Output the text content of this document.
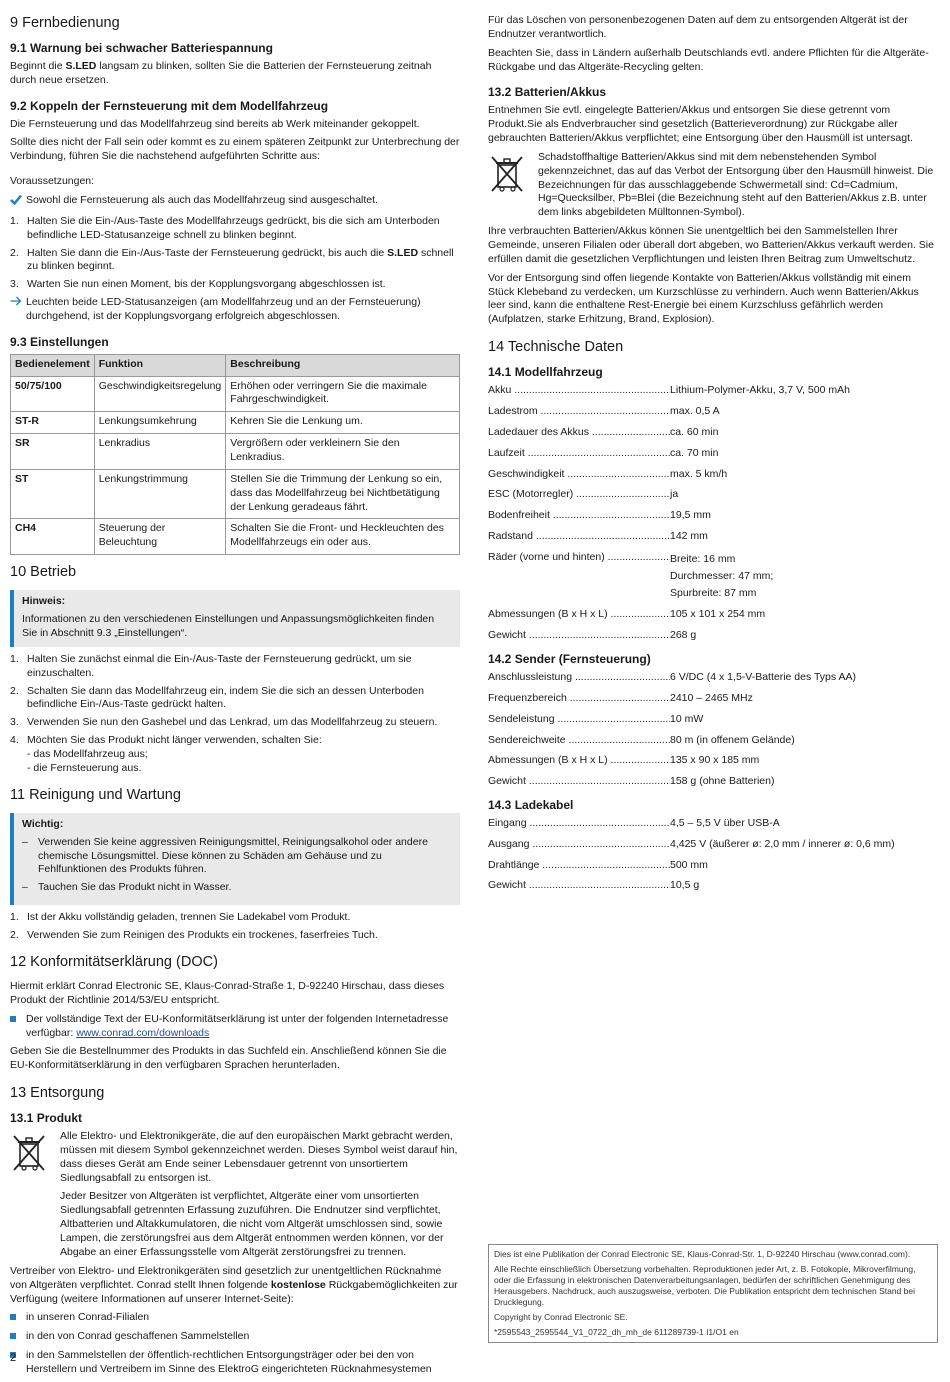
9 Fernbedienung
9.1 Warnung bei schwacher Batteriespannung

Beginnt die S.LED langsam zu blinken, sollten Sie die Batterien der Fernsteuerung zeitnah durch neue ersetzen.

9.2 Koppeln der Fernsteuerung mit dem Modellfahrzeug

Die Fernsteuerung und das Modellfahrzeug sind bereits ab Werk miteinander gekoppelt.

Sollte dies nicht der Fall sein oder kommt es zu einem späteren Zeitpunkt zur Unterbrechung der Verbindung, führen Sie die nachstehend aufgeführten Schritte aus:

Voraussetzungen:

Sowohl die Fernsteuerung als auch das Modellfahrzeug sind ausgeschaltet.
1. Halten Sie die Ein-/Aus-Taste des Modellfahrzeugs gedrückt, bis die sich am Unterboden befindliche LED-Statusanzeige schnell zu blinken beginnt.
2. Halten Sie dann die Ein-/Aus-Taste der Fernsteuerung gedrückt, bis auch die S.LED schnell zu blinken beginnt.
3. Warten Sie nun einen Moment, bis der Kopplungsvorgang abgeschlossen ist.
Leuchten beide LED-Statusanzeigen (am Modellfahrzeug und an der Fernsteuerung) durchgehend, ist der Kopplungsvorgang erfolgreich abgeschlossen.
9.3 Einstellungen
Bedienelement	Funktion	Beschreibung
50/75/100	Geschwindigkeitsregelung	Erhöhen oder verringern Sie die maximale Fahrgeschwindigkeit.
ST-R	Lenkungsumkehrung	Kehren Sie die Lenkung um.
SR	Lenkradius	Vergrößern oder verkleinern Sie den Lenkradius.
ST	Lenkungstrimmung	Stellen Sie die Trimmung der Lenkung so ein, dass das Modellfahrzeug bei Nichtbetätigung der Lenkung geradeaus fährt.
CH4	Steuerung der Beleuchtung	Schalten Sie die Front- und Heckleuchten des Modellfahrzeugs ein oder aus.
10 Betrieb
Hinweis:
Informationen zu den verschiedenen Einstellungen und Anpassungsmöglichkeiten finden Sie in Abschnitt 9.3 „Einstellungen“.
1. Halten Sie zunächst einmal die Ein-/Aus-Taste der Fernsteuerung gedrückt, um sie einzuschalten.
2. Schalten Sie dann das Modellfahrzeug ein, indem Sie die sich an dessen Unterboden befindliche Ein-/Aus-Taste gedrückt halten.
3. Verwenden Sie nun den Gashebel und das Lenkrad, um das Modellfahrzeug zu steuern.
4. Möchten Sie das Produkt nicht länger verwenden, schalten Sie:
- das Modellfahrzeug aus;
- die Fernsteuerung aus.
11 Reinigung und Wartung
Wichtig:
– Verwenden Sie keine aggressiven Reinigungsmittel, Reinigungsalkohol oder andere chemische Lösungsmittel. Diese können zu Schäden am Gehäuse und zu Fehlfunktionen des Produkts führen.
– Tauchen Sie das Produkt nicht in Wasser.
1. Ist der Akku vollständig geladen, trennen Sie Ladekabel vom Produkt.
2. Verwenden Sie zum Reinigen des Produkts ein trockenes, faserfreies Tuch.
12 Konformitätserklärung (DOC)

Hiermit erklärt Conrad Electronic SE, Klaus-Conrad-Straße 1, D-92240 Hirschau, dass dieses Produkt der Richtlinie 2014/53/EU entspricht.

Der vollständige Text der EU-Konformitätserklärung ist unter der folgenden Internetadresse verfügbar: www.conrad.com/downloads

Geben Sie die Bestellnummer des Produkts in das Suchfeld ein. Anschließend können Sie die EU-Konformitätserklärung in den verfügbaren Sprachen herunterladen.

13 Entsorgung
13.1 Produkt

Alle Elektro- und Elektronikgeräte, die auf den europäischen Markt gebracht werden, müssen mit diesem Symbol gekennzeichnet werden. Dieses Symbol weist darauf hin, dass dieses Gerät am Ende seiner Lebensdauer getrennt von unsortiertem Siedlungsabfall zu entsorgen ist.

Jeder Besitzer von Altgeräten ist verpflichtet, Altgeräte einer vom unsortierten Siedlungsabfall getrennten Erfassung zuzuführen. Die Endnutzer sind verpflichtet, Altbatterien und Altakkumulatoren, die nicht vom Altgerät umschlossen sind, sowie Lampen, die zerstörungsfrei aus dem Altgerät entnommen werden können, vor der Abgabe an einer Erfassungsstelle vom Altgerät zerstörungsfrei zu trennen.

Vertreiber von Elektro- und Elektronikgeräten sind gesetzlich zur unentgeltlichen Rücknahme von Altgeräten verpflichtet. Conrad stellt Ihnen folgende kostenlose Rückgabemöglichkeiten zur Verfügung (weitere Informationen auf unserer Internet-Seite):

in unseren Conrad-Filialen
in den von Conrad geschaffenen Sammelstellen
in den Sammelstellen der öffentlich-rechtlichen Entsorgungsträger oder bei den von Herstellern und Vertreibern im Sinne des ElektroG eingerichteten Rücknahmesystemen

Für das Löschen von personenbezogenen Daten auf dem zu entsorgenden Altgerät ist der Endnutzer verantwortlich.

Beachten Sie, dass in Ländern außerhalb Deutschlands evtl. andere Pflichten für die Altgeräte-Rückgabe und das Altgeräte-Recycling gelten.

13.2 Batterien/Akkus

Entnehmen Sie evtl. eingelegte Batterien/Akkus und entsorgen Sie diese getrennt vom Produkt.Sie als Endverbraucher sind gesetzlich (Batterieverordnung) zur Rückgabe aller gebrauchten Batterien/Akkus verpflichtet; eine Entsorgung über den Hausmüll ist untersagt.

Schadstoffhaltige Batterien/Akkus sind mit dem nebenstehenden Symbol gekennzeichnet, das auf das Verbot der Entsorgung über den Hausmüll hinweist. Die Bezeichnungen für das ausschlaggebende Schwermetall sind: Cd=Cadmium, Hg=Quecksilber, Pb=Blei (die Bezeichnung steht auf den Batterien/Akkus z.B. unter dem links abgebildeten Mülltonnen-Symbol).

Ihre verbrauchten Batterien/Akkus können Sie unentgeltlich bei den Sammelstellen Ihrer Gemeinde, unseren Filialen oder überall dort abgeben, wo Batterien/Akkus verkauft werden. Sie erfüllen damit die gesetzlichen Verpflichtungen und leisten Ihren Beitrag zum Umweltschutz.

Vor der Entsorgung sind offen liegende Kontakte von Batterien/Akkus vollständig mit einem Stück Klebeband zu verdecken, um Kurzschlüsse zu verhindern. Auch wenn Batterien/Akkus leer sind, kann die enthaltene Rest-Energie bei einem Kurzschluss gefährlich werden (Aufplatzen, starke Erhitzung, Brand, Explosion).

14 Technische Daten
14.1 Modellfahrzeug
Akku .....	Lithium-Polymer-Akku, 3,7 V, 500 mAh
Ladestrom .....	max. 0,5 A
Ladedauer des Akkus .....	ca. 60 min
Laufzeit .....	ca. 70 min
Geschwindigkeit .....	max. 5 km/h
ESC (Motorregler) .....	ja
Bodenfreiheit .....	19,5 mm
Radstand .....	142 mm
Räder (vorne und hinten) .....	Breite: 16 mm
Durchmesser: 47 mm;
Spurbreite: 87 mm
Abmessungen (B x H x L) .....	105 x 101 x 254 mm
Gewicht .....	268 g
14.2 Sender (Fernsteuerung)
Anschlussleistung .....	6 V/DC (4 x 1,5-V-Batterie des Typs AA)
Frequenzbereich .....	2410 – 2465 MHz
Sendeleistung .....	10 mW
Sendereichweite .....	80 m (in offenem Gelände)
Abmessungen (B x H x L) .....	135 x 90 x 185 mm
Gewicht .....	158 g (ohne Batterien)
14.3 Ladekabel
Eingang .....	4,5 – 5,5 V über USB-A
Ausgang .....	4,425 V (äußerer ø: 2,0 mm / innerer ø: 0,6 mm)
Drahtlänge .....	500 mm
Gewicht .....	10,5 g

Dies ist eine Publikation der Conrad Electronic SE, Klaus-Conrad-Str. 1, D-92240 Hirschau (www.conrad.com).

Alle Rechte einschließlich Übersetzung vorbehalten. Reproduktionen jeder Art, z. B. Fotokopie, Mikroverfilmung, oder die Erfassung in elektronischen Datenverarbeitungsanlagen, bedürfen der schriftlichen Genehmigung des Herausgebers. Nachdruck, auch auszugsweise, verboten. Die Publikation entspricht dem technischen Stand bei Drucklegung.

Copyright by Conrad Electronic SE.

*2595543_2595544_V1_0722_dh_mh_de 611289739-1 I1/O1 en

2
